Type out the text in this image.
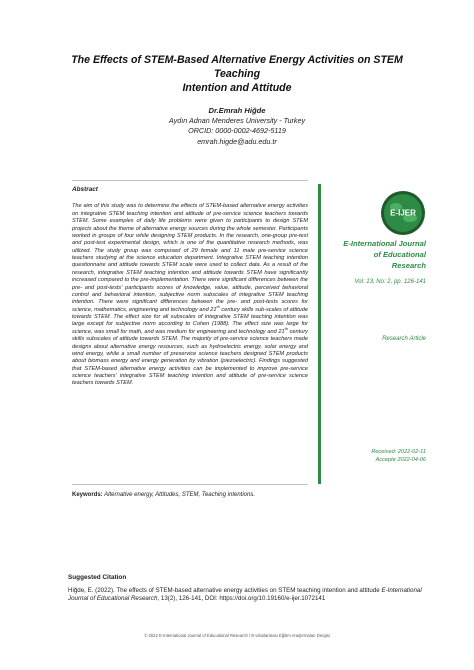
The Effects of STEM-Based Alternative Energy Activities on STEM Teaching
Intention and Attitude
Dr.Emrah Hiğde
Aydın Adnan Menderes University - Turkey
ORCID: 0000-0002-4692-5119
emrah.higde@adu.edu.tr
Abstract
The aim of this study was to determine the effects of STEM-based alternative energy activities on integrative STEM teaching intention and attitude of pre-service science teachers towards STEM. Some examples of daily life problems were given to participants to design STEM projects about the theme of alternative energy sources during the whole semester. Participants worked in groups of four while designing STEM products. In the research, one-group pre-test and post-test experimental design, which is one of the quantitative research methods, was utilized. The study group was composed of 29 female and 11 male pre-service science teachers studying at the science education department. Integrative STEM teaching intention questionnaire and attitude towards STEM scale were used to collect data. As a result of the research, integrative STEM teaching intention and attitude towards STEM have significantly increased compared to the pre-implementation. There were significant differences between the pre- and post-tests' participants scores of knowledge, value, attitude, perceived behavioral control and behavioral intention, subjective norm subscales of integrative STEM teaching intention. There were significant differences between the pre- and post-tests scores for science, mathematics, engineering and technology and 21th century skills sub-scales of attitude towards STEM. The effect size for all subscales of integrative STEM teaching intention was large except for subjective norm according to Cohen (1988). The effect size was large for science, was small for math, and was medium for engineering and technology and 21th century skills subscales of attitude towards STEM. The majority of pre-service science teachers made designs about alternative energy resources, such as hydroelectric energy, solar energy and wind energy, while a small number of preservice science teachers designed STEM products about biomass energy and energy generation by vibration (piezoelectric). Findings suggested that STEM-based alternative energy activities can be implemented to improve pre-service science teachers' integrative STEM teaching intention and attitude of pre-service science teachers towards STEM.
Keywords: Alternative energy, Attitudes, STEM, Teaching intentions.
E-IJER
E-International Journal
of Educational
Research
Vol: 13, No: 2, pp. 126-141
Research Article
Received: 2022-02-11
Accepte 2022-04-06
Suggested Citation
Hiğde, E. (2022). The effects of STEM-based alternative energy activities on STEM teaching intention and attitude E-International Journal of Educational Research, 13(2), 126-141, DOI: https://doi.org/10.19160/e-ijer.1072141
© 2022 E-International Journal of Educational Research / E-Uluslararası Eğitim Araştırmaları Dergisi
